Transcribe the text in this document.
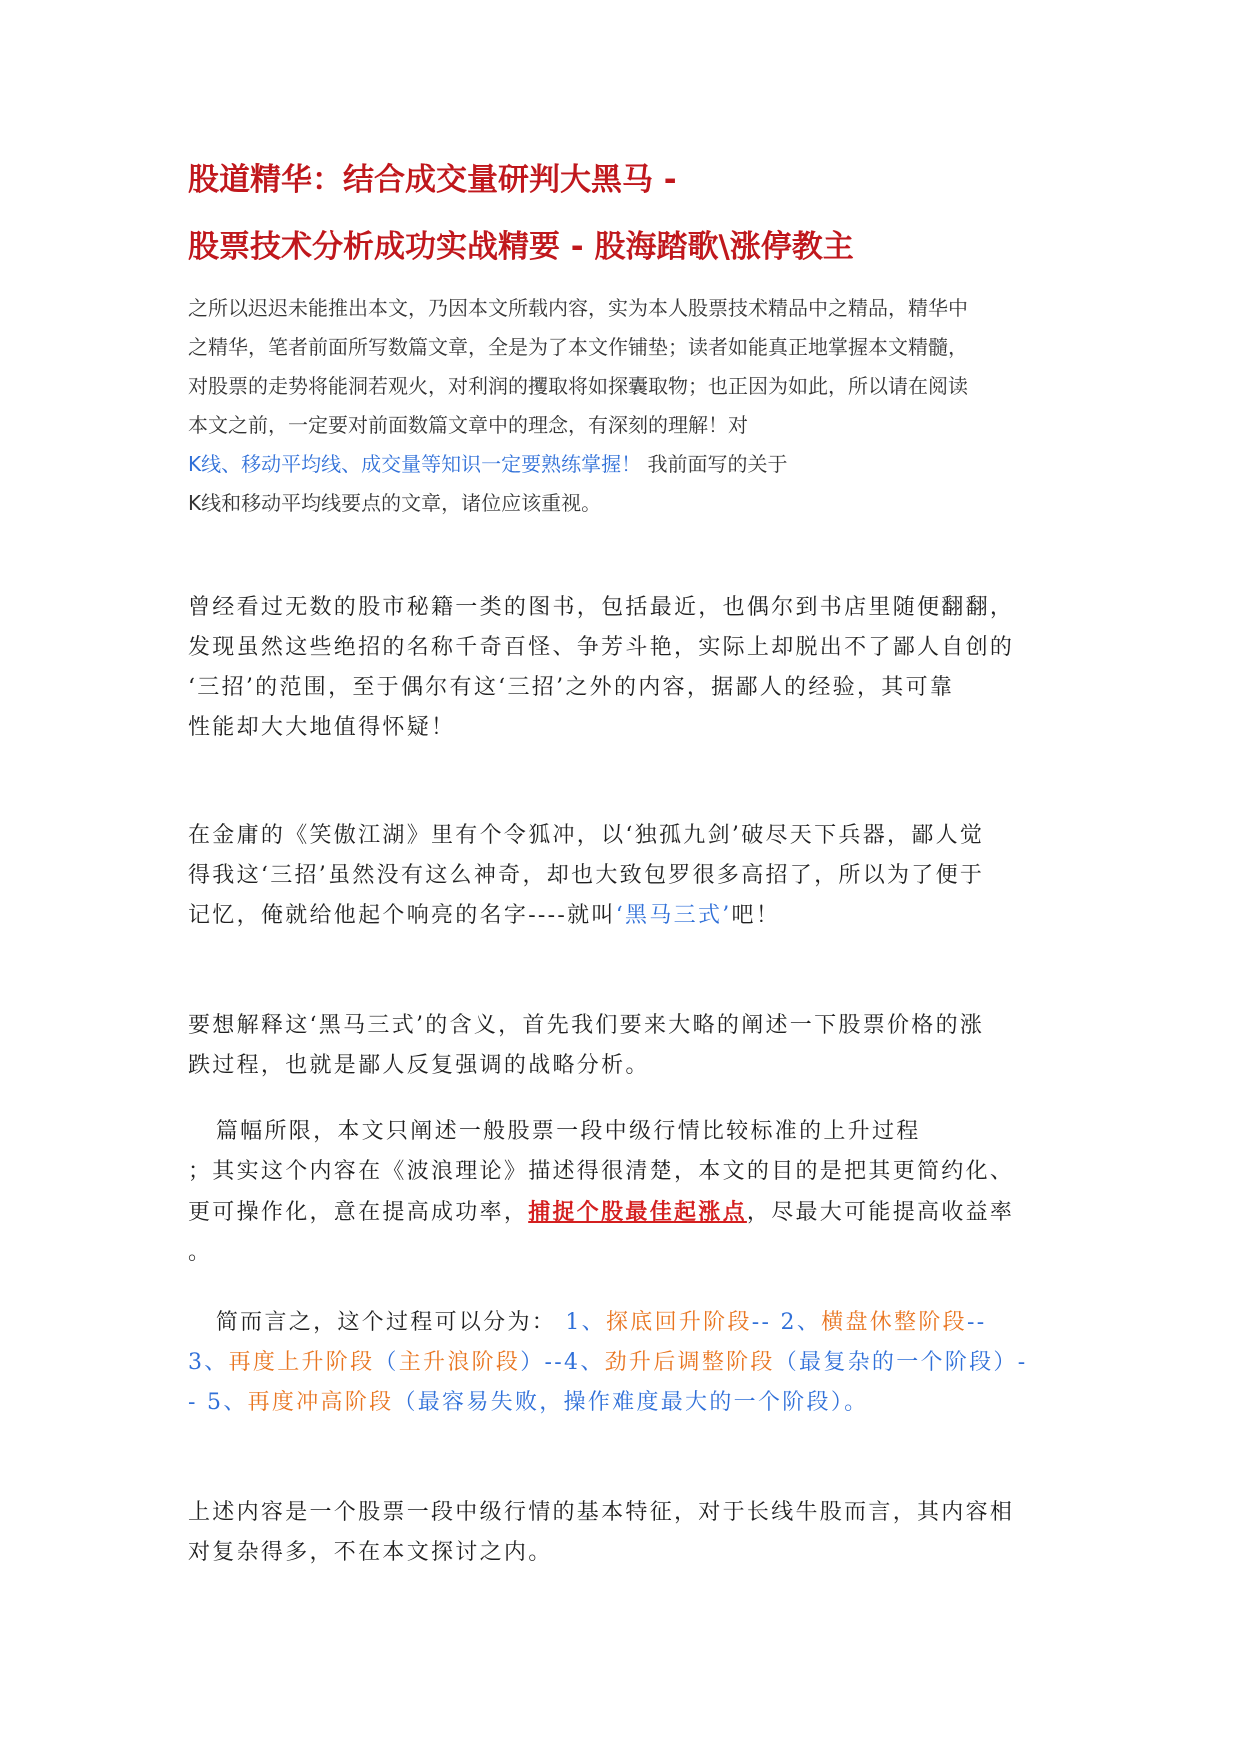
股道精华：结合成交量研判大黑马 -
股票技术分析成功实战精要 - 股海踏歌\涨停教主
之所以迟迟未能推出本文，乃因本文所载内容，实为本人股票技术精品中之精品，精华中
之精华，笔者前面所写数篇文章，全是为了本文作铺垫；读者如能真正地掌握本文精髓，
对股票的走势将能洞若观火，对利润的攫取将如探囊取物；也正因为如此，所以请在阅读
本文之前，一定要对前面数篇文章中的理念，有深刻的理解！对
K线、移动平均线、成交量等知识一定要熟练掌握！ 我前面写的关于
K线和移动平均线要点的文章，诸位应该重视。
曾经看过无数的股市秘籍一类的图书，包括最近，也偶尔到书店里随便翻翻，
发现虽然这些绝招的名称千奇百怪、争芳斗艳，实际上却脱出不了鄙人自创的
‘三招’的范围，至于偶尔有这‘三招’之外的内容，据鄙人的经验，其可靠
性能却大大地值得怀疑！
在金庸的《笑傲江湖》里有个令狐冲，以‘独孤九剑’破尽天下兵器，鄙人觉
得我这‘三招’虽然没有这么神奇，却也大致包罗很多高招了，所以为了便于
记忆，俺就给他起个响亮的名字----就叫‘黑马三式’吧！
要想解释这‘黑马三式’的含义，首先我们要来大略的阐述一下股票价格的涨
跌过程，也就是鄙人反复强调的战略分析。
篇幅所限，本文只阐述一般股票一段中级行情比较标准的上升过程
；其实这个内容在《波浪理论》描述得很清楚，本文的目的是把其更简约化、
更可操作化，意在提高成功率，捕捉个股最佳起涨点，尽最大可能提高收益率
。
简而言之，这个过程可以分为： 1、探底回升阶段-- 2、横盘休整阶段--
3、再度上升阶段（主升浪阶段）--4、劲升后调整阶段（最复杂的一个阶段）-
- 5、再度冲高阶段（最容易失败，操作难度最大的一个阶段）。
上述内容是一个股票一段中级行情的基本特征，对于长线牛股而言，其内容相
对复杂得多，不在本文探讨之内。
